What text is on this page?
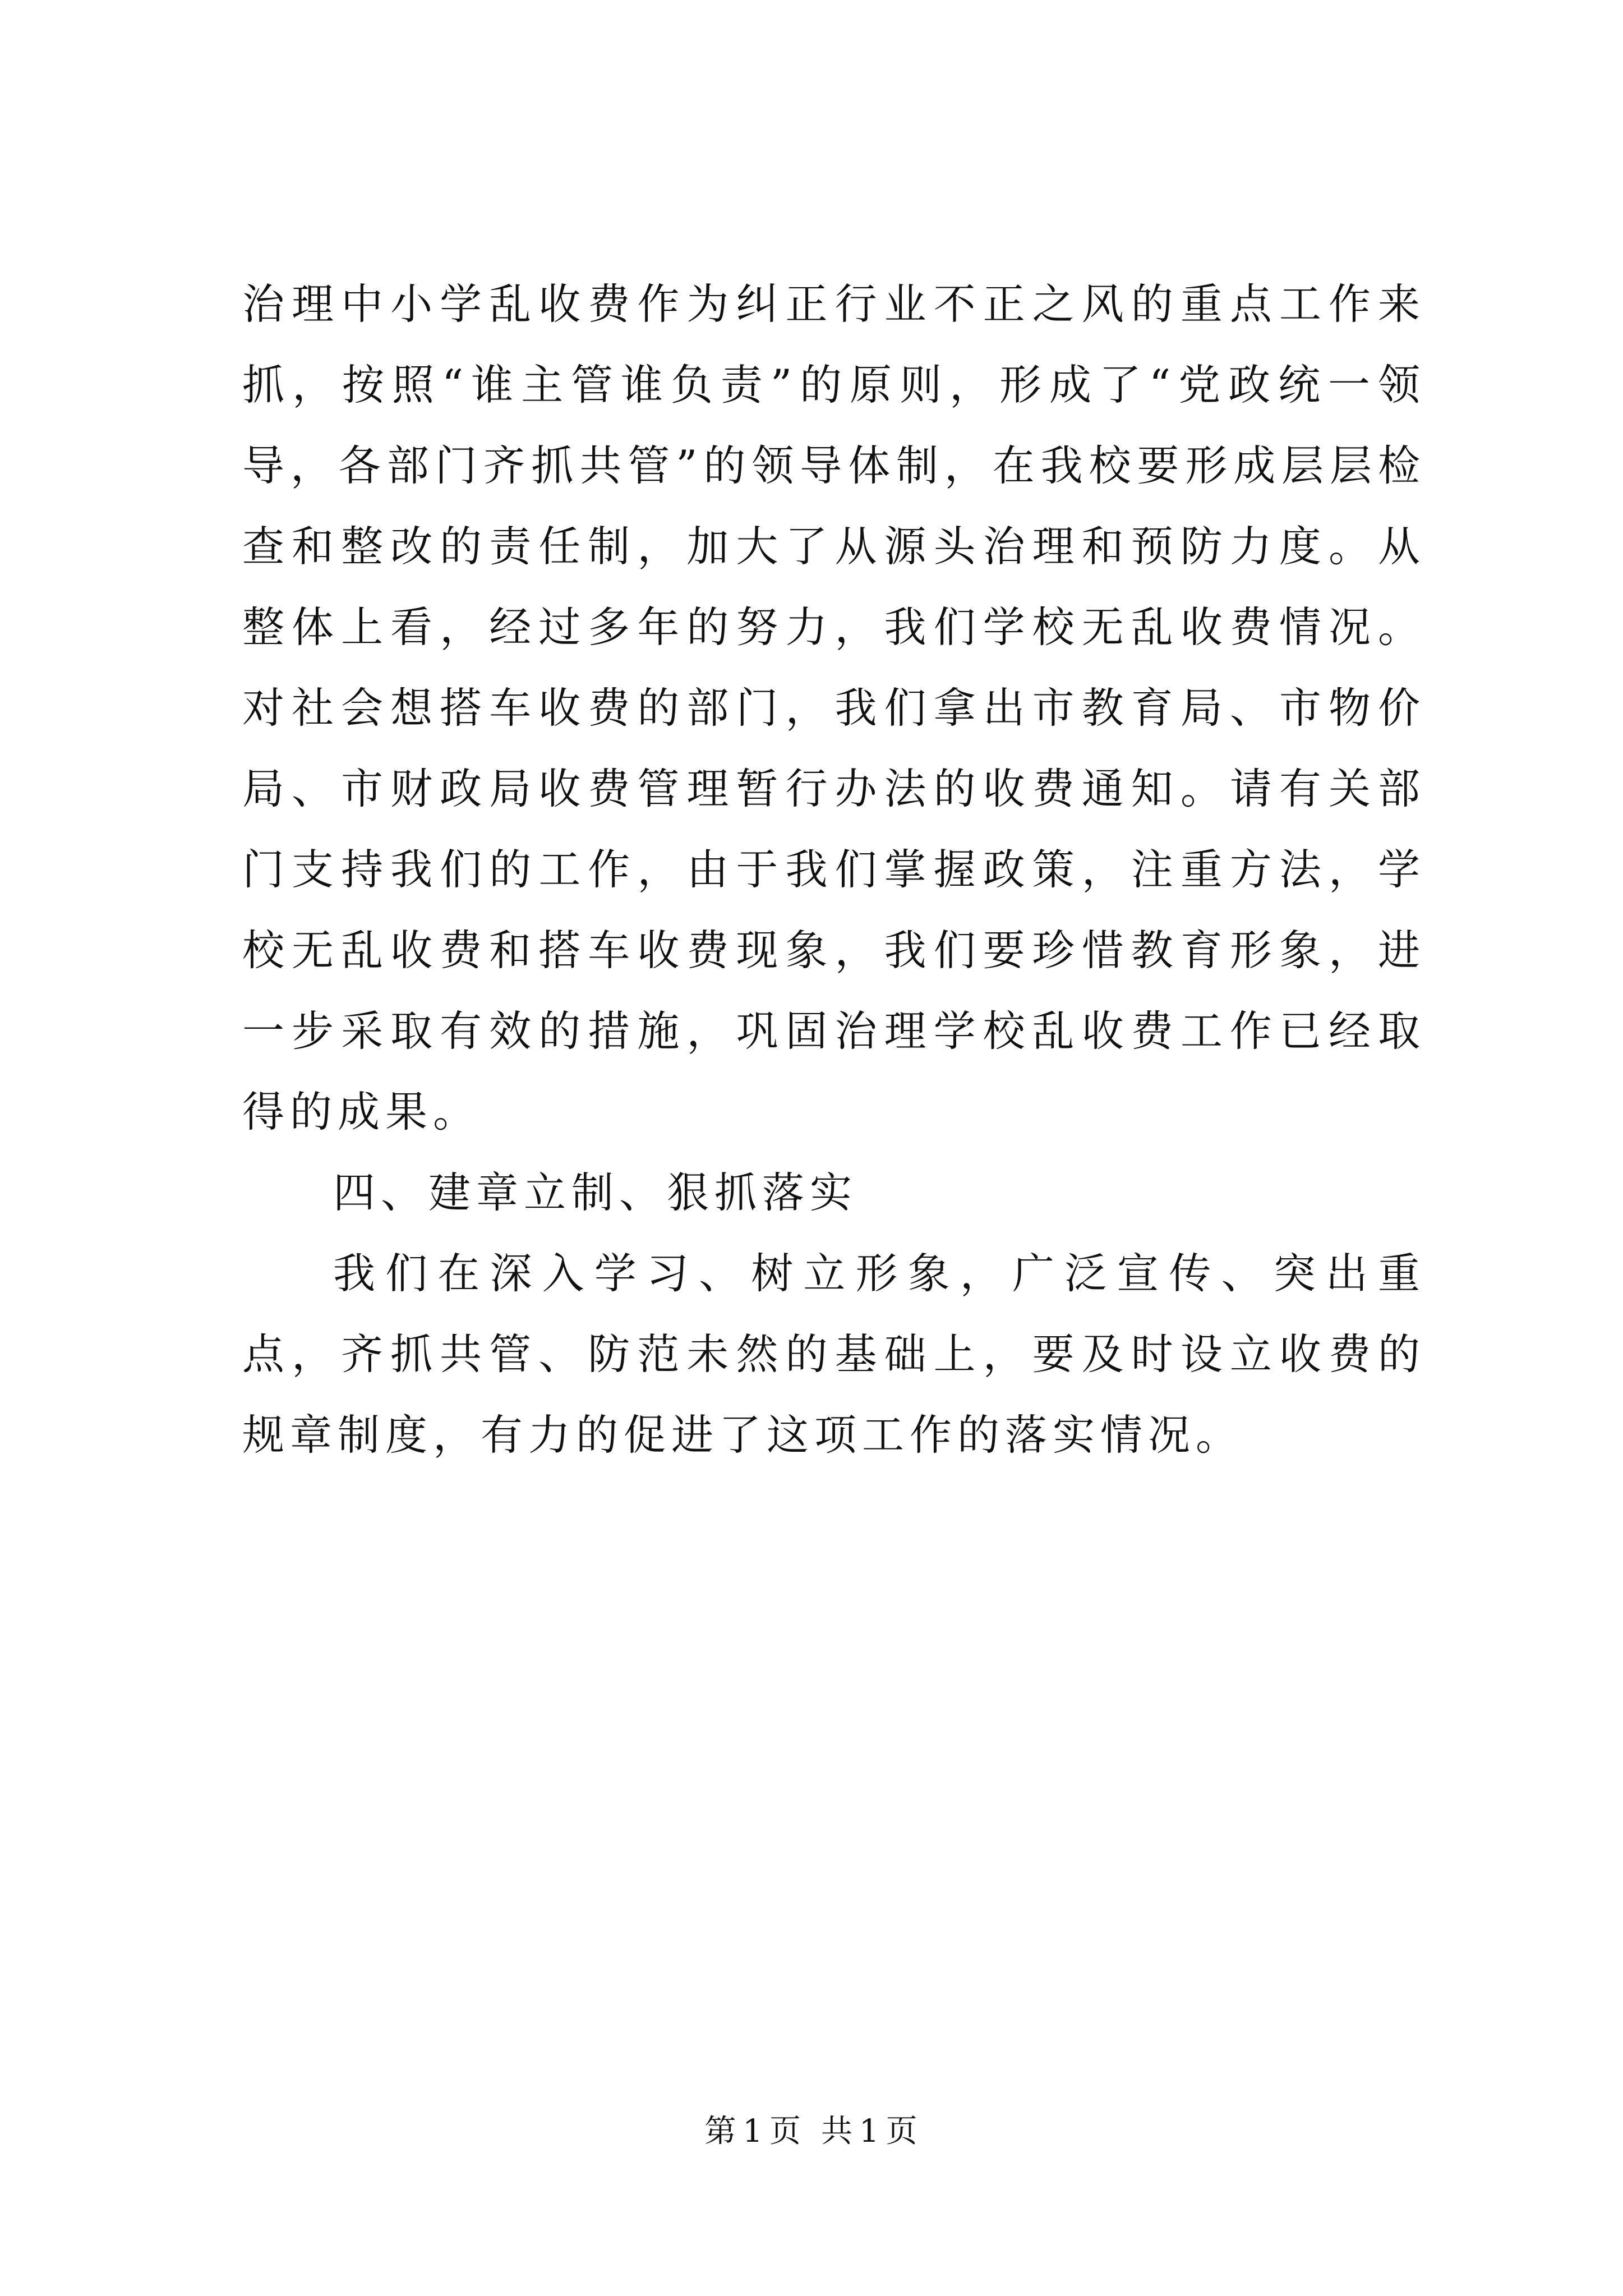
治理中小学乱收费作为纠正行业不正之风的重点工作来抓，按照“谁主管谁负责”的原则，形成了“党政统一领导，各部门齐抓共管”的领导体制，在我校要形成层层检查和整改的责任制，加大了从源头治理和预防力度。从整体上看，经过多年的努力，我们学校无乱收费情况。对社会想搭车收费的部门，我们拿出市教育局、市物价局、市财政局收费管理暂行办法的收费通知。请有关部门支持我们的工作，由于我们掌握政策，注重方法，学校无乱收费和搭车收费现象，我们要珍惜教育形象，进一步采取有效的措施，巩固治理学校乱收费工作已经取得的成果。

四、建章立制、狠抓落实

我们在深入学习、树立形象，广泛宣传、突出重点，齐抓共管、防范未然的基础上，要及时设立收费的规章制度，有力的促进了这项工作的落实情况。

第 1 页 共 1 页
